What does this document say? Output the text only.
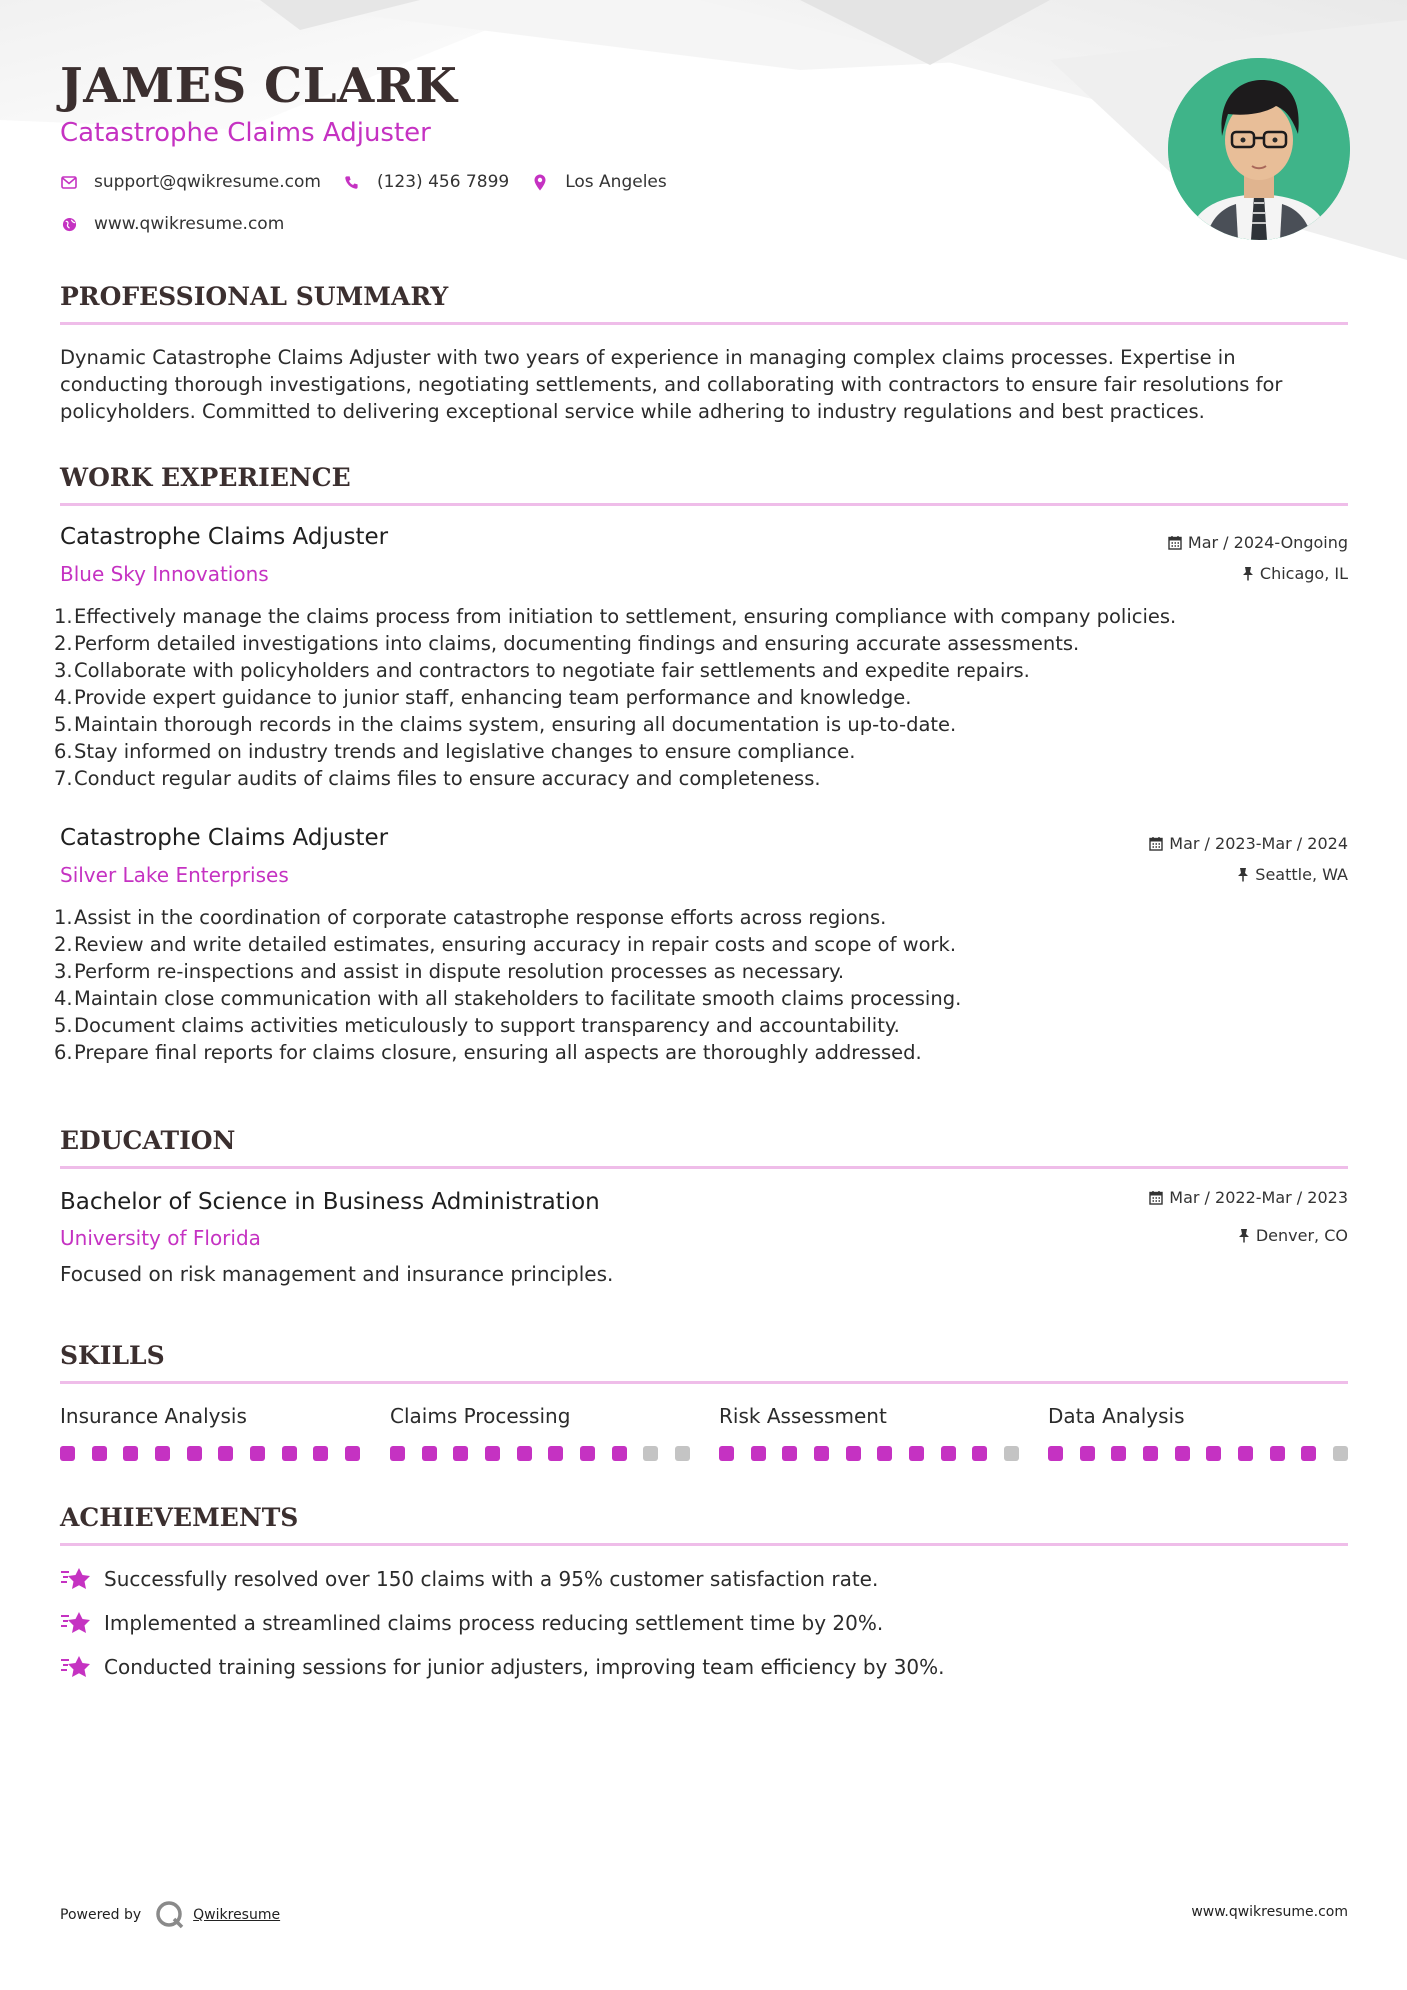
JAMES CLARK
Catastrophe Claims Adjuster
support@qwikresume.com	(123) 456 7899	Los Angeles
www.qwikresume.com
PROFESSIONAL SUMMARY

Dynamic Catastrophe Claims Adjuster with two years of experience in managing complex claims processes. Expertise in conducting thorough investigations, negotiating settlements, and collaborating with contractors to ensure fair resolutions for policyholders. Committed to delivering exceptional service while adhering to industry regulations and best practices.

WORK EXPERIENCE
Catastrophe Claims Adjuster	Mar / 2024-Ongoing
Blue Sky Innovations	Chicago, IL
1. Effectively manage the claims process from initiation to settlement, ensuring compliance with company policies.
2. Perform detailed investigations into claims, documenting findings and ensuring accurate assessments.
3. Collaborate with policyholders and contractors to negotiate fair settlements and expedite repairs.
4. Provide expert guidance to junior staff, enhancing team performance and knowledge.
5. Maintain thorough records in the claims system, ensuring all documentation is up-to-date.
6. Stay informed on industry trends and legislative changes to ensure compliance.
7. Conduct regular audits of claims files to ensure accuracy and completeness.
Catastrophe Claims Adjuster	Mar / 2023-Mar / 2024
Silver Lake Enterprises	Seattle, WA
1. Assist in the coordination of corporate catastrophe response efforts across regions.
2. Review and write detailed estimates, ensuring accuracy in repair costs and scope of work.
3. Perform re-inspections and assist in dispute resolution processes as necessary.
4. Maintain close communication with all stakeholders to facilitate smooth claims processing.
5. Document claims activities meticulously to support transparency and accountability.
6. Prepare final reports for claims closure, ensuring all aspects are thoroughly addressed.
EDUCATION
Bachelor of Science in Business Administration	Mar / 2022-Mar / 2023
University of Florida	Denver, CO
Focused on risk management and insurance principles.
SKILLS
Insurance Analysis	Claims Processing	Risk Assessment	Data Analysis
ACHIEVEMENTS
Successfully resolved over 150 claims with a 95% customer satisfaction rate.
Implemented a streamlined claims process reducing settlement time by 20%.
Conducted training sessions for junior adjusters, improving team efficiency by 30%.
Powered by	Qwikresume	www.qwikresume.com
